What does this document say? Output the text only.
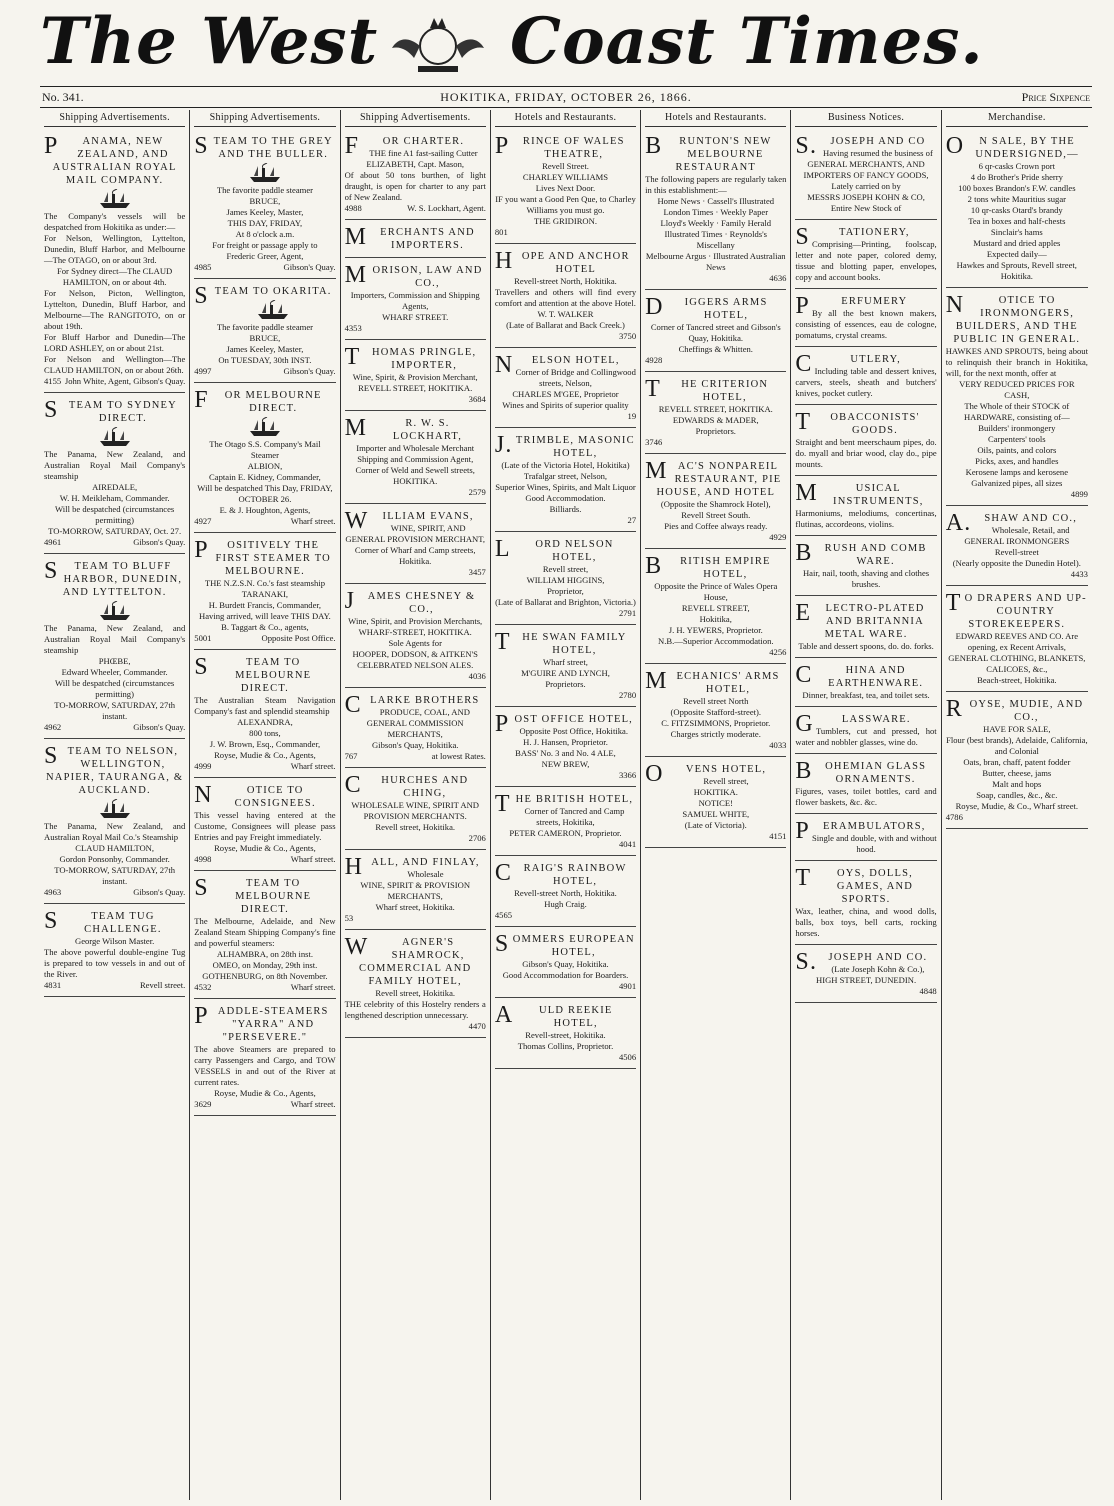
The West Coast Times.
No. 341.	HOKITIKA, FRIDAY, OCTOBER 26, 1866.	Price Sixpence
Shipping Advertisements.
PANAMA, NEW ZEALAND, AND AUSTRALIAN ROYAL MAIL COMPANY.
The Company's vessels will be despatched from Hokitika as under:—
For Nelson, Wellington, Lyttelton, Dunedin, Bluff Harbor, and Melbourne—The OTAGO, on or about 3rd.
For Sydney direct—The CLAUD HAMILTON, on or about 4th.
For Nelson, Picton, Wellington, Lyttelton, Dunedin, Bluff Harbor, and Melbourne—The RANGITOTO, on or about 19th.
For Bluff Harbor and Dunedin—The LORD ASHLEY, on or about 21st.
For Nelson and Wellington—The CLAUD HAMILTON, on or about 26th.
4155 John White, Agent, Gibson's Quay.
STEAM TO SYDNEY DIRECT.
The Panama, New Zealand, and Australian Royal Mail Company's steamship
AIREDALE,
W. H. Meikleham, Commander.
Will be despatched (circumstances permitting)
TO-MORROW, SATURDAY, Oct. 27.
4961	Gibson's Quay.
STEAM TO BLUFF HARBOR, DUNEDIN, AND LYTTELTON.
The Panama, New Zealand, and Australian Royal Mail Company's steamship
PHŒBE,
Edward Wheeler, Commander.
Will be despatched (circumstances permitting)
TO-MORROW, SATURDAY, 27th instant.
4962	Gibson's Quay.
STEAM TO NELSON, WELLINGTON, NAPIER, TAURANGA, & AUCKLAND.
The Panama, New Zealand, and Australian Royal Mail Co.'s Steamship
CLAUD HAMILTON,
Gordon Ponsonby, Commander.
TO-MORROW, SATURDAY, 27th instant.
4963	Gibson's Quay.
STEAM TUG CHALLENGE.
George Wilson Master.
The above powerful double-engine Tug is prepared to tow vessels in and out of the River.
4831	Revell street.
Shipping Advertisements.
STEAM TO THE GREY AND THE BULLER.
The favorite paddle steamer
BRUCE,
James Keeley, Master,
THIS DAY, FRIDAY,
At 8 o'clock a.m.
For freight or passage apply to
Frederic Greer, Agent,
4985	Gibson's Quay.
STEAM TO OKARITA.
The favorite paddle steamer
BRUCE,
James Keeley, Master,
On TUESDAY, 30th INST.
4997	Gibson's Quay.
FOR MELBOURNE DIRECT.
The Otago S.S. Company's Mail Steamer
ALBION,
Captain E. Kidney, Commander,
Will be despatched This Day, FRIDAY, OCTOBER 26.
E. & J. Houghton, Agents,
4927	Wharf street.
POSITIVELY THE FIRST STEAMER TO MELBOURNE.
THE N.Z.S.N. Co.'s fast steamship
TARANAKI,
H. Burdett Francis, Commander,
Having arrived, will leave THIS DAY.
B. Taggart & Co., agents,
5001	Opposite Post Office.
STEAM TO MELBOURNE DIRECT.
The Australian Steam Navigation Company's fast and splendid steamship
ALEXANDRA,
800 tons,
J. W. Brown, Esq., Commander,
Royse, Mudie & Co., Agents,
4999	Wharf street.
NOTICE TO CONSIGNEES.
This vessel having entered at the Custome, Consignees will please pass Entries and pay Freight immediately.
Royse, Mudie & Co., Agents,
4998	Wharf street.
STEAM TO MELBOURNE DIRECT.
The Melbourne, Adelaide, and New Zealand Steam Shipping Company's fine and powerful steamers:
ALHAMBRA, on 28th inst.
OMEO, on Monday, 29th inst.
GOTHENBURG, on 8th November.
4532	Wharf street.
PADDLE-STEAMERS "YARRA" AND "PERSEVERE."
The above Steamers are prepared to carry Passengers and Cargo, and TOW VESSELS in and out of the River at current rates.
Royse, Mudie & Co., Agents,
3629	Wharf street.
Shipping Advertisements.
FOR CHARTER.
THE fine A1 fast-sailing Cutter ELIZABETH, Capt. Mason,
Of about 50 tons burthen, of light draught, is open for charter to any part of New Zealand.
4988	W. S. Lockhart, Agent.
MERCHANTS AND IMPORTERS.
MORISON, LAW AND CO.,
Importers, Commission and Shipping Agents,
WHARF STREET.
4353
THOMAS PRINGLE, IMPORTER,
Wine, Spirit, & Provision Merchant,
REVELL STREET, HOKITIKA.
3684
MR. W. S. LOCKHART,
Importer and Wholesale Merchant
Shipping and Commission Agent,
Corner of Weld and Sewell streets,
HOKITIKA.
2579
WILLIAM EVANS,
WINE, SPIRIT, AND GENERAL PROVISION MERCHANT,
Corner of Wharf and Camp streets,
Hokitika.
3457
JAMES CHESNEY & CO.,
Wine, Spirit, and Provision Merchants,
WHARF-STREET, HOKITIKA.
Sole Agents for
HOOPER, DODSON, & AITKEN'S CELEBRATED NELSON ALES.
4036
CLARKE BROTHERS
PRODUCE, COAL, AND GENERAL COMMISSION MERCHANTS,
Gibson's Quay, Hokitika.
767	at lowest Rates.
CHURCHES AND CHING,
WHOLESALE WINE, SPIRIT AND PROVISION MERCHANTS.
Revell street, Hokitika.
2706
HALL, AND FINLAY,
Wholesale
WINE, SPIRIT & PROVISION MERCHANTS,
Wharf street, Hokitika.
53
WAGNER'S SHAMROCK, COMMERCIAL AND FAMILY HOTEL,
Revell street, Hokitika.
THE celebrity of this Hostelry renders a lengthened description unnecessary.
4470
Hotels and Restaurants.
PRINCE OF WALES THEATRE,
Revell Street.
CHARLEY WILLIAMS
Lives Next Door.
IF you want a Good Pen Que, to Charley Williams you must go.
THE GRIDIRON.
801
HOPE AND ANCHOR HOTEL
Revell-street North, Hokitika.
Travellers and others will find every comfort and attention at the above Hotel.
W. T. WALKER
(Late of Ballarat and Back Creek.)
3750
NELSON HOTEL,
Corner of Bridge and Collingwood streets, Nelson,
CHARLES M'GEE, Proprietor
Wines and Spirits of superior quality
19
J.TRIMBLE, MASONIC HOTEL,
(Late of the Victoria Hotel, Hokitika)
Trafalgar street, Nelson,
Superior Wines, Spirits, and Malt Liquor
Good Accommodation.
Billiards.
27
LORD NELSON HOTEL,
Revell street,
WILLIAM HIGGINS,
Proprietor,
(Late of Ballarat and Brighton, Victoria.)
2791
THE SWAN FAMILY HOTEL,
Wharf street,
M'GUIRE AND LYNCH,
Proprietors.
2780
POST OFFICE HOTEL,
Opposite Post Office, Hokitika.
H. J. Hansen, Proprietor.
BASS' No. 3 and No. 4 ALE,
NEW BREW,
3366
THE BRITISH HOTEL,
Corner of Tancred and Camp streets, Hokitika,
PETER CAMERON, Proprietor.
4041
CRAIG'S RAINBOW HOTEL,
Revell-street North, Hokitika.
Hugh Craig.
4565
SOMMERS EUROPEAN HOTEL,
Gibson's Quay, Hokitika.
Good Accommodation for Boarders.
4901
AULD REEKIE HOTEL,
Revell-street, Hokitika.
Thomas Collins, Proprietor.
4506
Hotels and Restaurants.
BRUNTON'S NEW MELBOURNE RESTAURANT
The following papers are regularly taken in this establishment:—
Home News · Cassell's Illustrated
London Times · Weekly Paper
Lloyd's Weekly · Family Herald
Illustrated Times · Reynolds's Miscellany
Melbourne Argus · Illustrated Australian News
4636
DIGGERS ARMS HOTEL,
Corner of Tancred street and Gibson's Quay, Hokitika.
Cheffings & Whitten.
4928
THE CRITERION HOTEL,
REVELL STREET, HOKITIKA.
EDWARDS & MADER,
Proprietors.
3746
MAC'S NONPAREIL RESTAURANT, PIE HOUSE, AND HOTEL
(Opposite the Shamrock Hotel),
Revell Street South.
Pies and Coffee always ready.
4929
BRITISH EMPIRE HOTEL,
Opposite the Prince of Wales Opera House,
REVELL STREET,
Hokitika,
J. H. YEWERS, Proprietor.
N.B.—Superior Accommodation.
4256
MECHANICS' ARMS HOTEL,
Revell street North
(Opposite Stafford-street).
C. FITZSIMMONS, Proprietor.
Charges strictly moderate.
4033
OVENS HOTEL,
Revell street,
HOKITIKA.
NOTICE!
SAMUEL WHITE,
(Late of Victoria).
4151
Business Notices.
S.JOSEPH AND CO
Having resumed the business of
GENERAL MERCHANTS, AND
IMPORTERS OF FANCY GOODS,
Lately carried on by
MESSRS JOSEPH KOHN & CO,
Entire New Stock of
STATIONERY,
Comprising—Printing, foolscap, letter and note paper, colored demy, tissue and blotting paper, envelopes, copy and account books.
PERFUMERY
By all the best known makers, consisting of essences, eau de cologne, pomatums, crystal creams.
CUTLERY,
Including table and dessert knives, carvers, steels, sheath and butchers' knives, pocket cutlery.
TOBACCONISTS' GOODS.
Straight and bent meerschaum pipes, do. do. myall and briar wood, clay do., pipe mounts.
MUSICAL INSTRUMENTS,
Harmoniums, melodiums, concertinas, flutinas, accordeons, violins.
BRUSH AND COMB WARE.
Hair, nail, tooth, shaving and clothes brushes.
ELECTRO-PLATED AND BRITANNIA METAL WARE.
Table and dessert spoons, do. do. forks.
CHINA AND EARTHENWARE.
Dinner, breakfast, tea, and toilet sets.
GLASSWARE.
Tumblers, cut and pressed, hot water and nobbler glasses, wine do.
BOHEMIAN GLASS ORNAMENTS.
Figures, vases, toilet bottles, card and flower baskets, &c. &c.
PERAMBULATORS,
Single and double, with and without hood.
TOYS, DOLLS, GAMES, AND SPORTS.
Wax, leather, china, and wood dolls, balls, box toys, bell carts, rocking horses.
S.JOSEPH AND CO.
(Late Joseph Kohn & Co.),
HIGH STREET, DUNEDIN.
4848
Merchandise.
ON SALE, BY THE UNDERSIGNED,—
6 qr-casks Crown port
4 do Brother's Pride sherry
100 boxes Brandon's F.W. candles
2 tons white Mauritius sugar
10 qr-casks Otard's brandy
Tea in boxes and half-chests
Sinclair's hams
Mustard and dried apples
Expected daily—
Hawkes and Sprouts, Revell street, Hokitika.
NOTICE TO IRONMONGERS, BUILDERS, AND THE PUBLIC IN GENERAL.
HAWKES AND SPROUTS, being about to relinquish their branch in Hokitika, will, for the next month, offer at
VERY REDUCED PRICES FOR CASH,
The Whole of their STOCK of HARDWARE, consisting of—
Builders' ironmongery
Carpenters' tools
Oils, paints, and colors
Picks, axes, and handles
Kerosene lamps and kerosene
Galvanized pipes, all sizes
4899
A.SHAW AND CO.,
Wholesale, Retail, and
GENERAL IRONMONGERS
Revell-street
(Nearly opposite the Dunedin Hotel).
4433
TO DRAPERS AND UP-COUNTRY STOREKEEPERS.
EDWARD REEVES AND CO. Are opening, ex Recent Arrivals,
GENERAL CLOTHING, BLANKETS, CALICOES, &c.,
Beach-street, Hokitika.
ROYSE, MUDIE, AND CO.,
HAVE FOR SALE,
Flour (best brands), Adelaide, California, and Colonial
Oats, bran, chaff, patent fodder
Butter, cheese, jams
Malt and hops
Soap, candles, &c., &c.
Royse, Mudie, & Co., Wharf street.
4786
